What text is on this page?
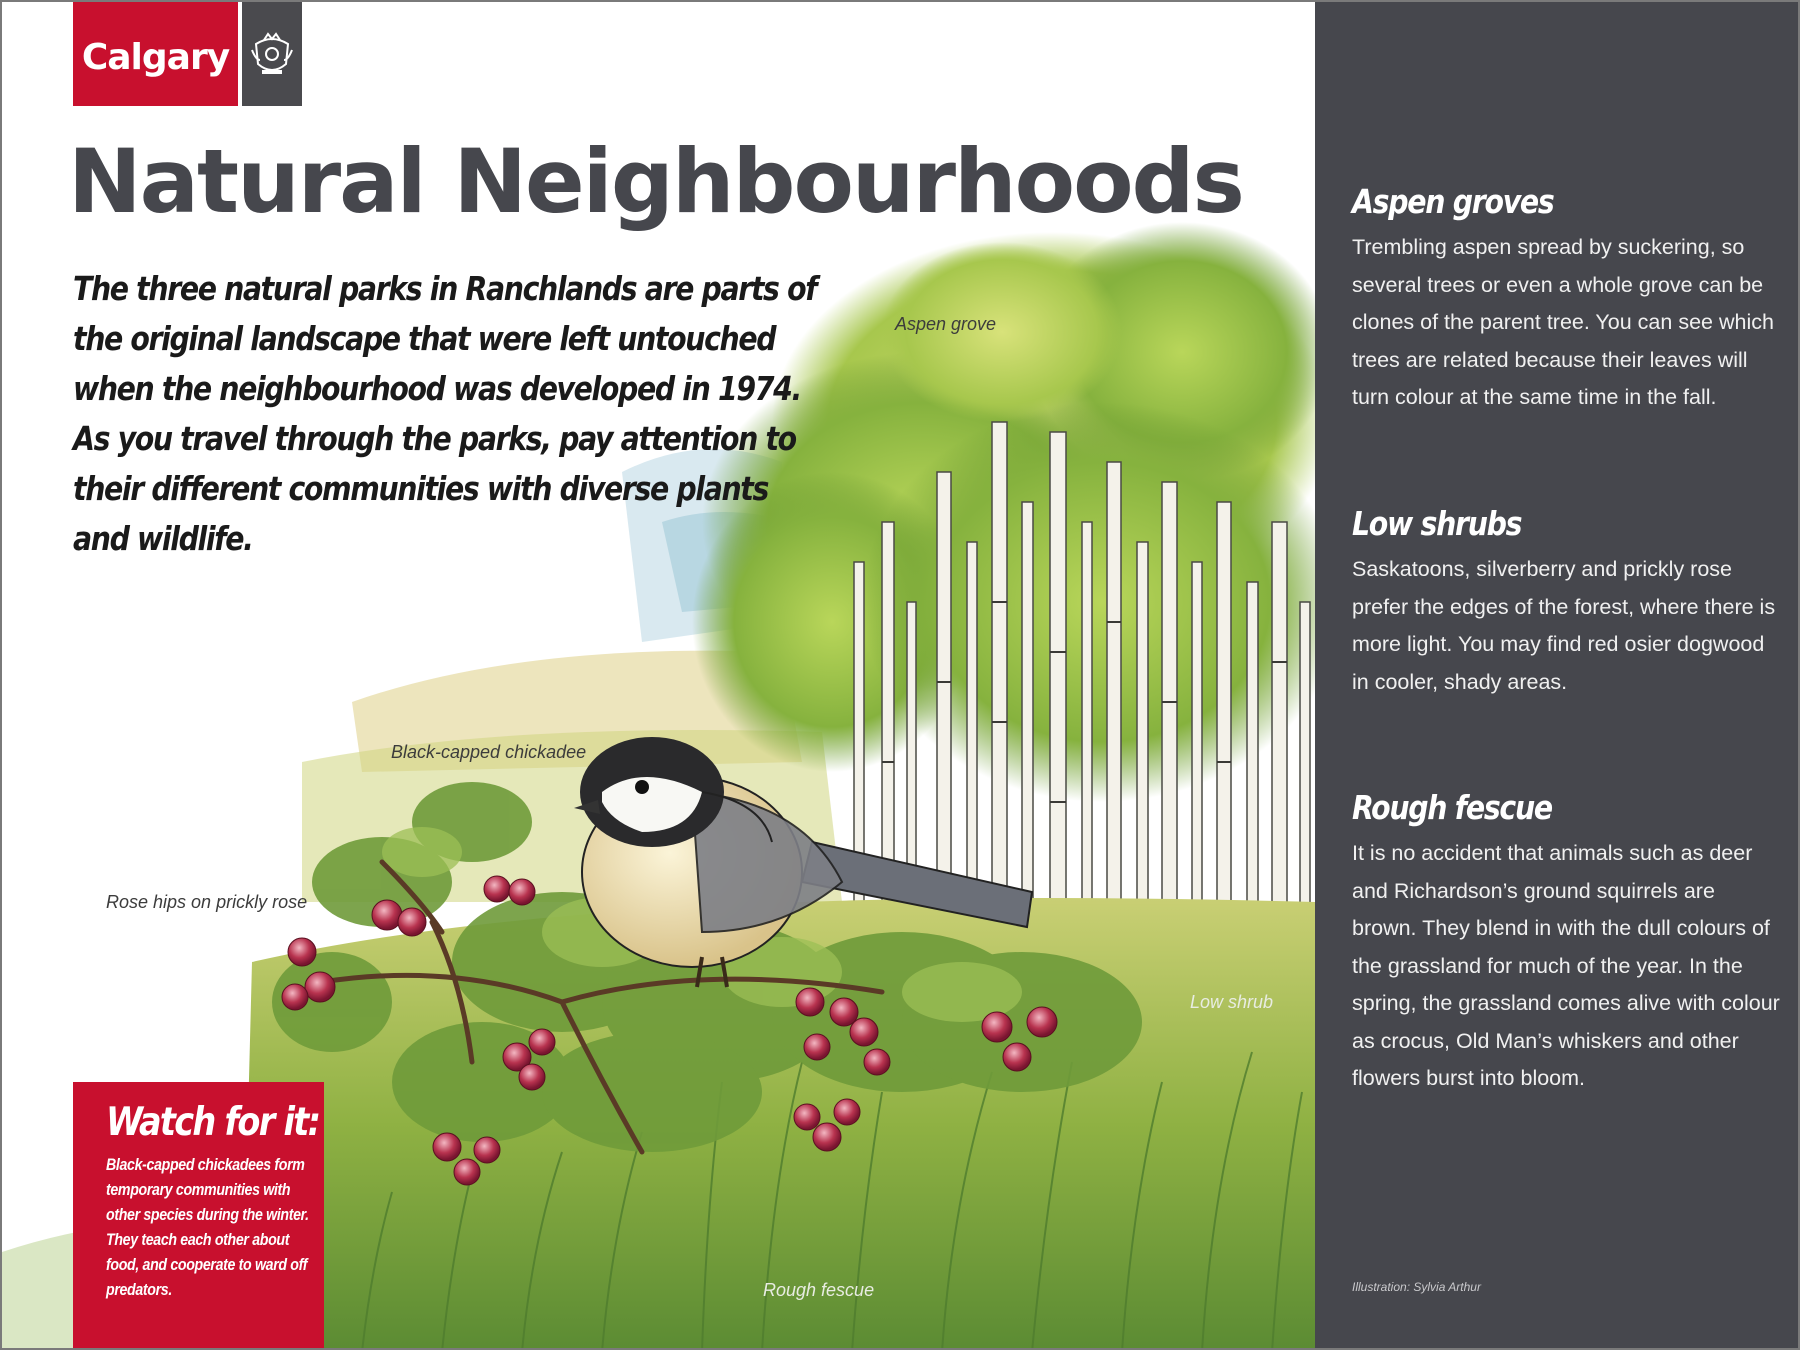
Calgary
Natural Neighbourhoods
The three natural parks in Ranchlands are parts of the original landscape that were left untouched when the neighbourhood was developed in 1974. As you travel through the parks, pay attention to their different communities with diverse plants and wildlife.
Aspen grove
Black-capped chickadee
Rose hips on prickly rose
Low shrub
Rough fescue
Watch for it:
Black-capped chickadees form temporary communities with other species during the winter. They teach each other about food, and cooperate to ward off predators.
Aspen groves
Trembling aspen spread by suckering, so several trees or even a whole grove can be clones of the parent tree. You can see which trees are related because their leaves will turn colour at the same time in the fall.
Low shrubs
Saskatoons, silverberry and prickly rose prefer the edges of the forest, where there is more light. You may find red osier dogwood in cooler, shady areas.
Rough fescue
It is no accident that animals such as deer and Richardson’s ground squirrels are brown. They blend in with the dull colours of the grassland for much of the year. In the spring, the grassland comes alive with colour as crocus, Old Man’s whiskers and other flowers burst into bloom.
Illustration: Sylvia Arthur
